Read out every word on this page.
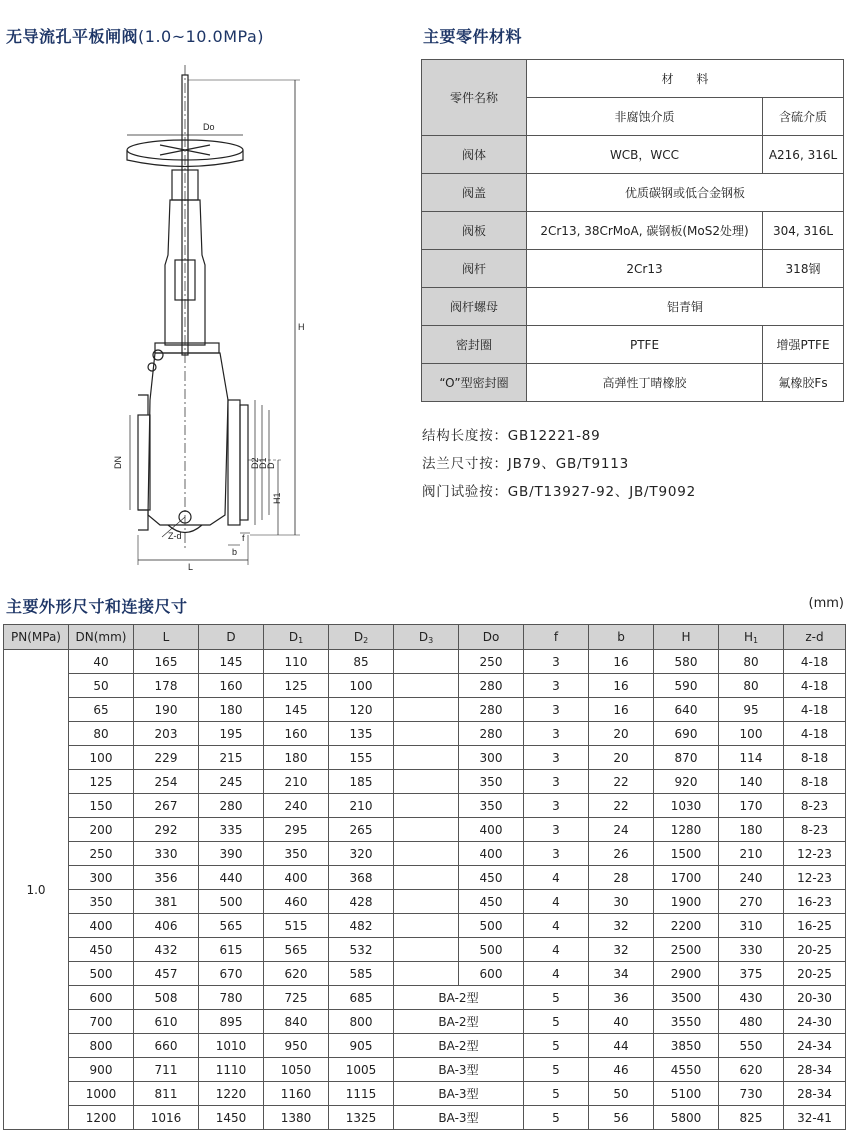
无导流孔平板闸阀(1.0~10.0MPa)	主要零件材料
Do
H
DN	D2
D1
D
H1
Z-d	f
b
L
零件名称	材      料	
	非腐蚀介质	含硫介质
阀体	WCB，WCC	A216, 316L
阀盖	优质碳钢或低合金钢板	
阀板	2Cr13, 38CrMoA, 碳钢板(MoS2处理)	304, 316L
阀杆	2Cr13	318钢
阀杆螺母	铝青铜	
密封圈	PTFE	增强PTFE
“O”型密封圈	高弹性丁晴橡胶	氟橡胶Fs
结构长度按：GB12221-89
法兰尺寸按：JB79、GB/T9113
阀门试验按：GB/T13927-92、JB/T9092
主要外形尺寸和连接尺寸	(mm)
PN(MPa)	DN(mm)	L	D	$D_1$	$D_2$	$D_3$	Do	f	b	H	$H_1$	z-d
1.0	40	165	145	110	85		250	3	16	580	80	4-18
	50	178	160	125	100		280	3	16	590	80	4-18
	65	190	180	145	120		280	3	16	640	95	4-18
	80	203	195	160	135		280	3	20	690	100	4-18
	100	229	215	180	155		300	3	20	870	114	8-18
	125	254	245	210	185		350	3	22	920	140	8-18
	150	267	280	240	210		350	3	22	1030	170	8-23
	200	292	335	295	265		400	3	24	1280	180	8-23
	250	330	390	350	320		400	3	26	1500	210	12-23
	300	356	440	400	368		450	4	28	1700	240	12-23
	350	381	500	460	428		450	4	30	1900	270	16-23
	400	406	565	515	482		500	4	32	2200	310	16-25
	450	432	615	565	532		500	4	32	2500	330	20-25
	500	457	670	620	585		600	4	34	2900	375	20-25
	600	508	780	725	685	BA-2型		5	36	3500	430	20-30
	700	610	895	840	800	BA-2型		5	40	3550	480	24-30
	800	660	1010	950	905	BA-2型		5	44	3850	550	24-34
	900	711	1110	1050	1005	BA-3型		5	46	4550	620	28-34
	1000	811	1220	1160	1115	BA-3型		5	50	5100	730	28-34
	1200	1016	1450	1380	1325	BA-3型		5	56	5800	825	32-41
